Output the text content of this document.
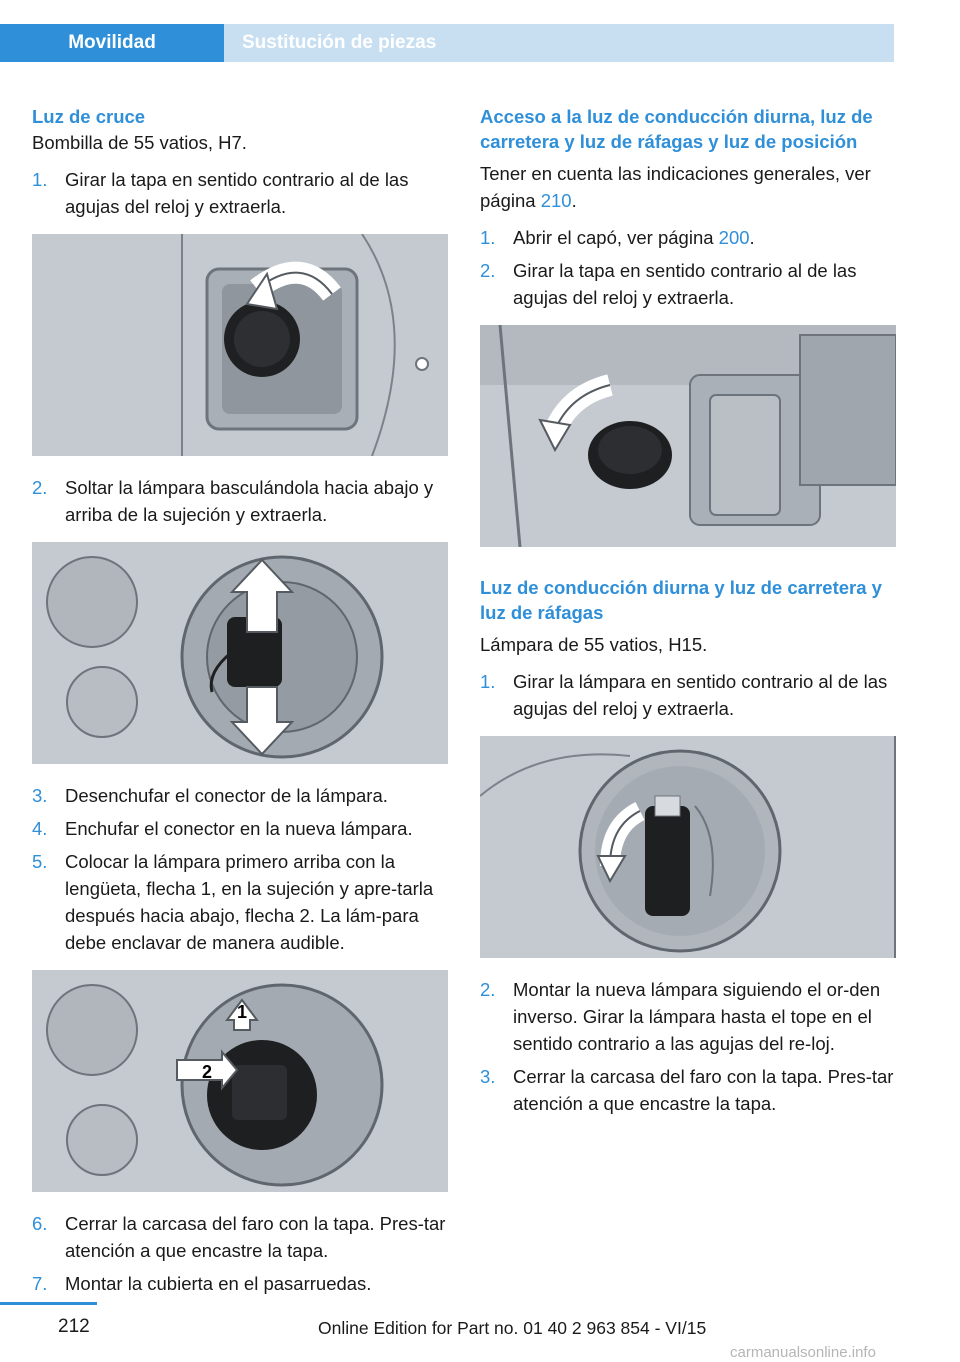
Movilidad	Sustitución de piezas
Luz de cruce

Bombilla de 55 vatios, H7.

1. Girar la tapa en sentido contrario al de las agujas del reloj y extraerla.
2. Soltar la lámpara basculándola hacia abajo y arriba de la sujeción y extraerla.
3. Desenchufar el conector de la lámpara.
4. Enchufar el conector en la nueva lámpara.
5. Colocar la lámpara primero arriba con la lengüeta, flecha 1, en la sujeción y apre‐tarla después hacia abajo, flecha 2. La lám‐para debe enclavar de manera audible.
1
2
6. Cerrar la carcasa del faro con la tapa. Pres‐tar atención a que encastre la tapa.
7. Montar la cubierta en el pasarruedas.
Acceso a la luz de conducción diurna, luz de carretera y luz de ráfagas y luz de posición

Tener en cuenta las indicaciones generales, ver página 210.

1. Abrir el capó, ver página 200.
2. Girar la tapa en sentido contrario al de las agujas del reloj y extraerla.
Luz de conducción diurna y luz de carretera y luz de ráfagas

Lámpara de 55 vatios, H15.

1. Girar la lámpara en sentido contrario al de las agujas del reloj y extraerla.
2. Montar la nueva lámpara siguiendo el or‐den inverso. Girar la lámpara hasta el tope en el sentido contrario a las agujas del re‐loj.
3. Cerrar la carcasa del faro con la tapa. Pres‐tar atención a que encastre la tapa.
212	Online Edition for Part no. 01 40 2 963 854 - VI/15
carmanualsonline.info
